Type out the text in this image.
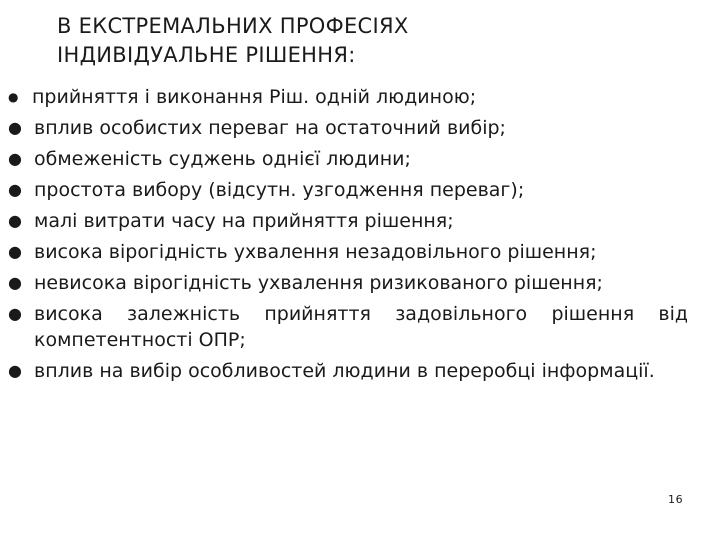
В ЕКСТРЕМАЛЬНИХ ПРОФЕСІЯХ
ІНДИВІДУАЛЬНЕ РІШЕННЯ:
● прийняття і виконання Ріш. одній людиною;
● вплив особистих переваг на остаточний вибір;
● обмеженість суджень однієї людини;
● простота вибору (відсутн. узгодження переваг);
● малі витрати часу на прийняття рішення;
● висока вірогідність ухвалення незадовільного рішення;
● невисока вірогідність ухвалення ризикованого рішення;
● висока залежність прийняття задовільного рішення від компетентності ОПР;
● вплив на вибір особливостей людини в переробці інформації.
16
